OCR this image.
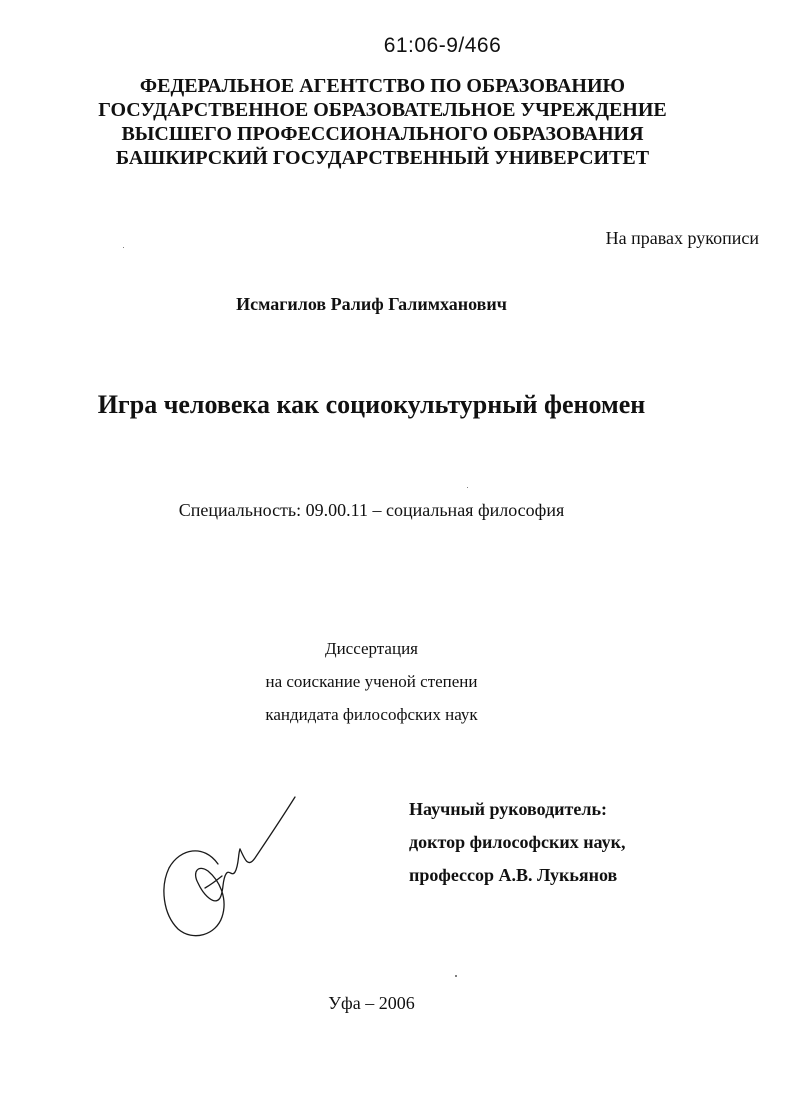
61:06-9/466
ФЕДЕРАЛЬНОЕ АГЕНТСТВО ПО ОБРАЗОВАНИЮ
ГОСУДАРСТВЕННОЕ ОБРАЗОВАТЕЛЬНОЕ УЧРЕЖДЕНИЕ
ВЫСШЕГО ПРОФЕССИОНАЛЬНОГО ОБРАЗОВАНИЯ
БАШКИРСКИЙ ГОСУДАРСТВЕННЫЙ УНИВЕРСИТЕТ
На правах рукописи
Исмагилов Ралиф Галимханович
Игра человека как социокультурный феномен
Специальность: 09.00.11 – социальная философия
Диссертация
на соискание ученой степени
кандидата философских наук
Научный руководитель:
доктор философских наук,
профессор А.В. Лукьянов
Уфа – 2006
